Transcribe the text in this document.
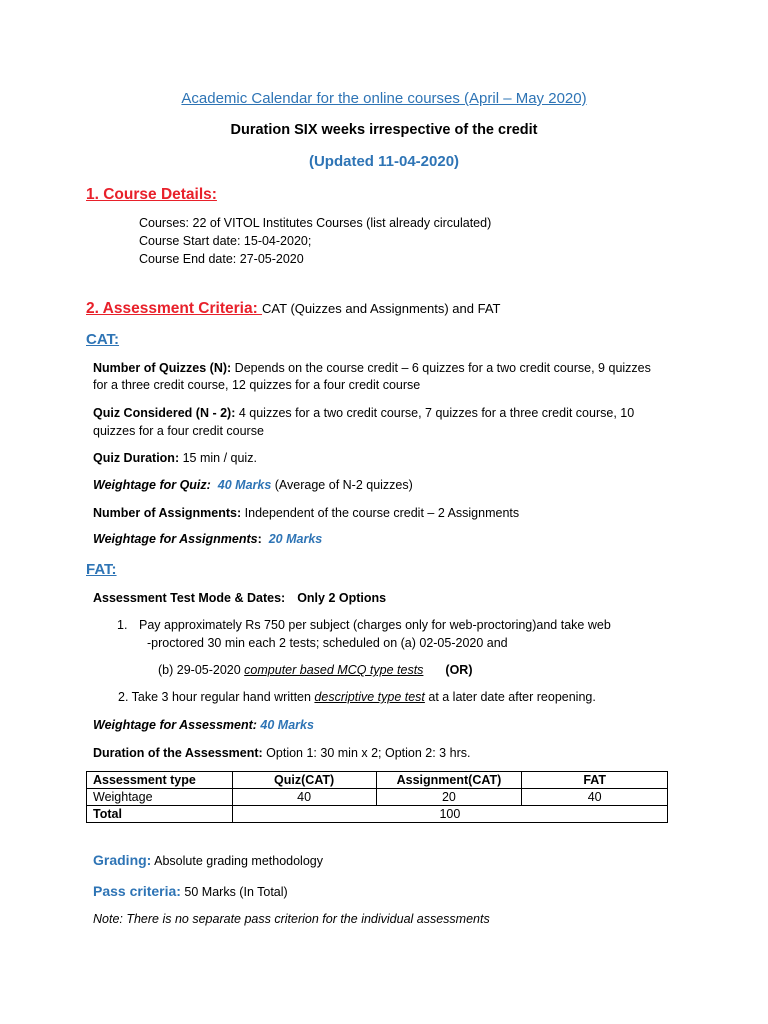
Academic Calendar for the online courses (April – May 2020)
Duration SIX weeks irrespective of the credit
(Updated 11-04-2020)
1. Course Details:
Courses: 22 of VITOL Institutes Courses (list already circulated)
Course Start date: 15-04-2020;
Course End date: 27-05-2020
2. Assessment Criteria: CAT (Quizzes and Assignments) and FAT
CAT:
Number of Quizzes (N): Depends on the course credit – 6 quizzes for a two credit course, 9 quizzes
for a three credit course, 12 quizzes for a four credit course
Quiz Considered (N - 2): 4 quizzes for a two credit course, 7 quizzes for a three credit course, 10
quizzes for a four credit course
Quiz Duration: 15 min / quiz.
Weightage for Quiz: 40 Marks (Average of N-2 quizzes)
Number of Assignments: Independent of the course credit – 2 Assignments
Weightage for Assignments: 20 Marks
FAT:
Assessment Test Mode & Dates: Only 2 Options
1. Pay approximately Rs 750 per subject (charges only for web-proctoring)and take web
-proctored 30 min each 2 tests; scheduled on (a) 02-05-2020 and
(b) 29-05-2020 computer based MCQ type tests (OR)
2. Take 3 hour regular hand written descriptive type test at a later date after reopening.
Weightage for Assessment: 40 Marks
Duration of the Assessment: Option 1: 30 min x 2; Option 2: 3 hrs.
Assessment type	Quiz(CAT)	Assignment(CAT)	FAT
Weightage	40	20	40
Total	100		
Grading: Absolute grading methodology
Pass criteria: 50 Marks (In Total)
Note: There is no separate pass criterion for the individual assessments
